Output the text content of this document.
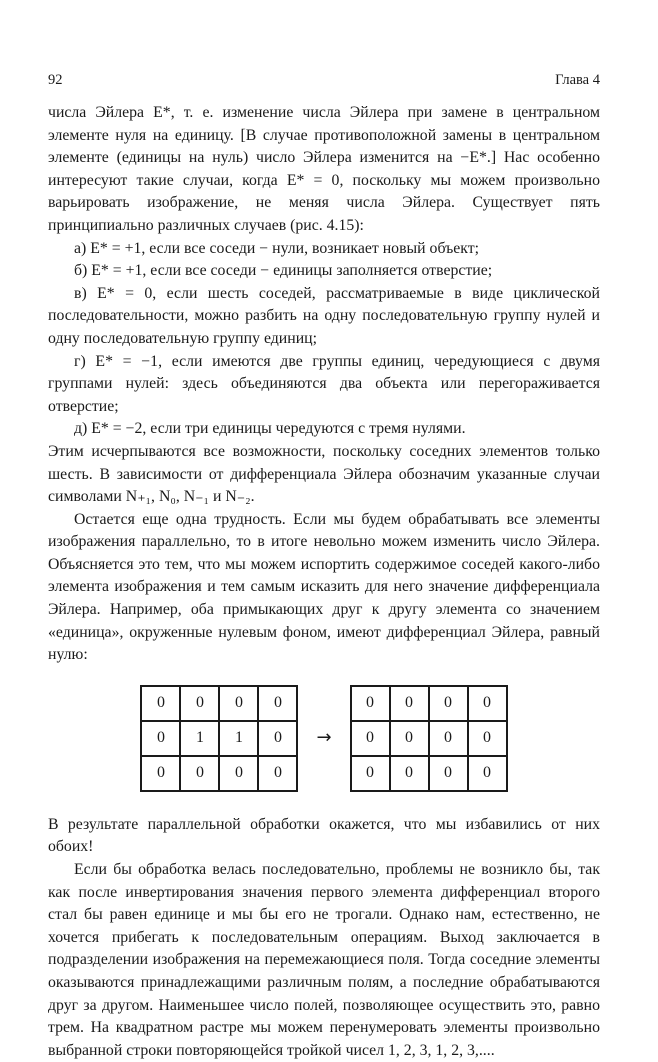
92	Глава 4

числа Эйлера E*, т. е. изменение числа Эйлера при замене в центральном элементе нуля на единицу. [В случае противоположной замены в центральном элементе (единицы на нуль) число Эйлера изменится на −E*.] Нас особенно интересуют такие случаи, когда E* = 0, поскольку мы можем произвольно варьировать изображение, не меняя числа Эйлера. Существует пять принципиально различных случаев (рис. 4.15):

а) E* = +1, если все соседи − нули, возникает новый объект;

б) E* = +1, если все соседи − единицы заполняется отверстие;

в) E* = 0, если шесть соседей, рассматриваемые в виде циклической последовательности, можно разбить на одну последовательную группу нулей и одну последовательную группу единиц;

г) E* = −1, если имеются две группы единиц, чередующиеся с двумя группами нулей: здесь объединяются два объекта или перегораживается отверстие;

д) E* = −2, если три единицы чередуются с тремя нулями.

Этим исчерпываются все возможности, поскольку соседних элементов только шесть. В зависимости от дифференциала Эйлера обозначим указанные случаи символами N₊₁, N₀, N₋₁ и N₋₂.

Остается еще одна трудность. Если мы будем обрабатывать все элементы изображения параллельно, то в итоге невольно можем изменить число Эйлера. Объясняется это тем, что мы можем испортить содержимое соседей какого-либо элемента изображения и тем самым исказить для него значение дифференциала Эйлера. Например, оба примыкающих друг к другу элемента со значением «единица», окруженные нулевым фоном, имеют дифференциал Эйлера, равный нулю:

0	0	0	0
0	1	1	0
0	0	0	0
→
0	0	0	0
0	0	0	0
0	0	0	0

В результате параллельной обработки окажется, что мы избавились от них обоих!

Если бы обработка велась последовательно, проблемы не возникло бы, так как после инвертирования значения первого элемента дифференциал второго стал бы равен единице и мы бы его не трогали. Однако нам, естественно, не хочется прибегать к последовательным операциям. Выход заключается в подразделении изображения на перемежающиеся поля. Тогда соседние элементы оказываются принадлежащими различным полям, а последние обрабатываются друг за другом. Наименьшее число полей, позволяющее осуществить это, равно трем. На квадратном растре мы можем перенумеровать элементы произвольно выбранной строки повторяющейся тройкой чисел 1, 2, 3, 1, 2, 3,....
